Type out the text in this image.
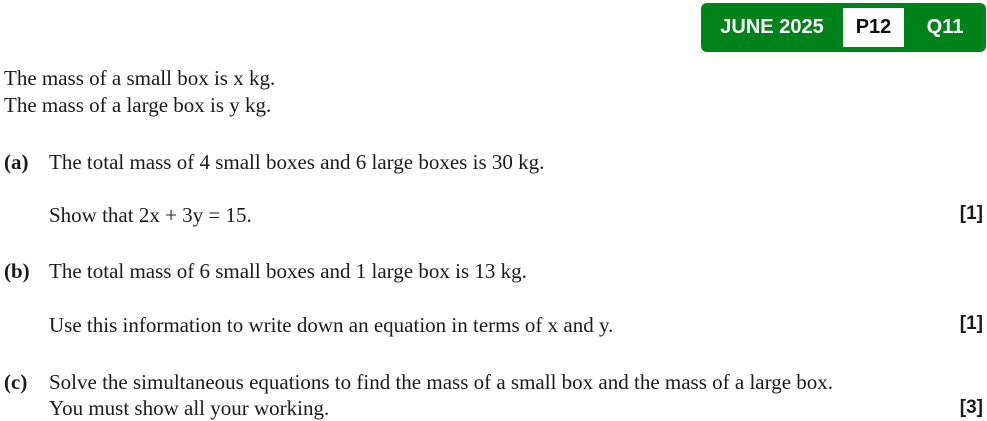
JUNE 2025	P12	Q11
The mass of a small box is x kg.
The mass of a large box is y kg.
(a) The total mass of 4 small boxes and 6 large boxes is 30 kg.
Show that 2x + 3y = 15.	[1]
(b) The total mass of 6 small boxes and 1 large box is 13 kg.
Use this information to write down an equation in terms of x and y.	[1]
(c) Solve the simultaneous equations to find the mass of a small box and the mass of a large box.
You must show all your working.	[3]
